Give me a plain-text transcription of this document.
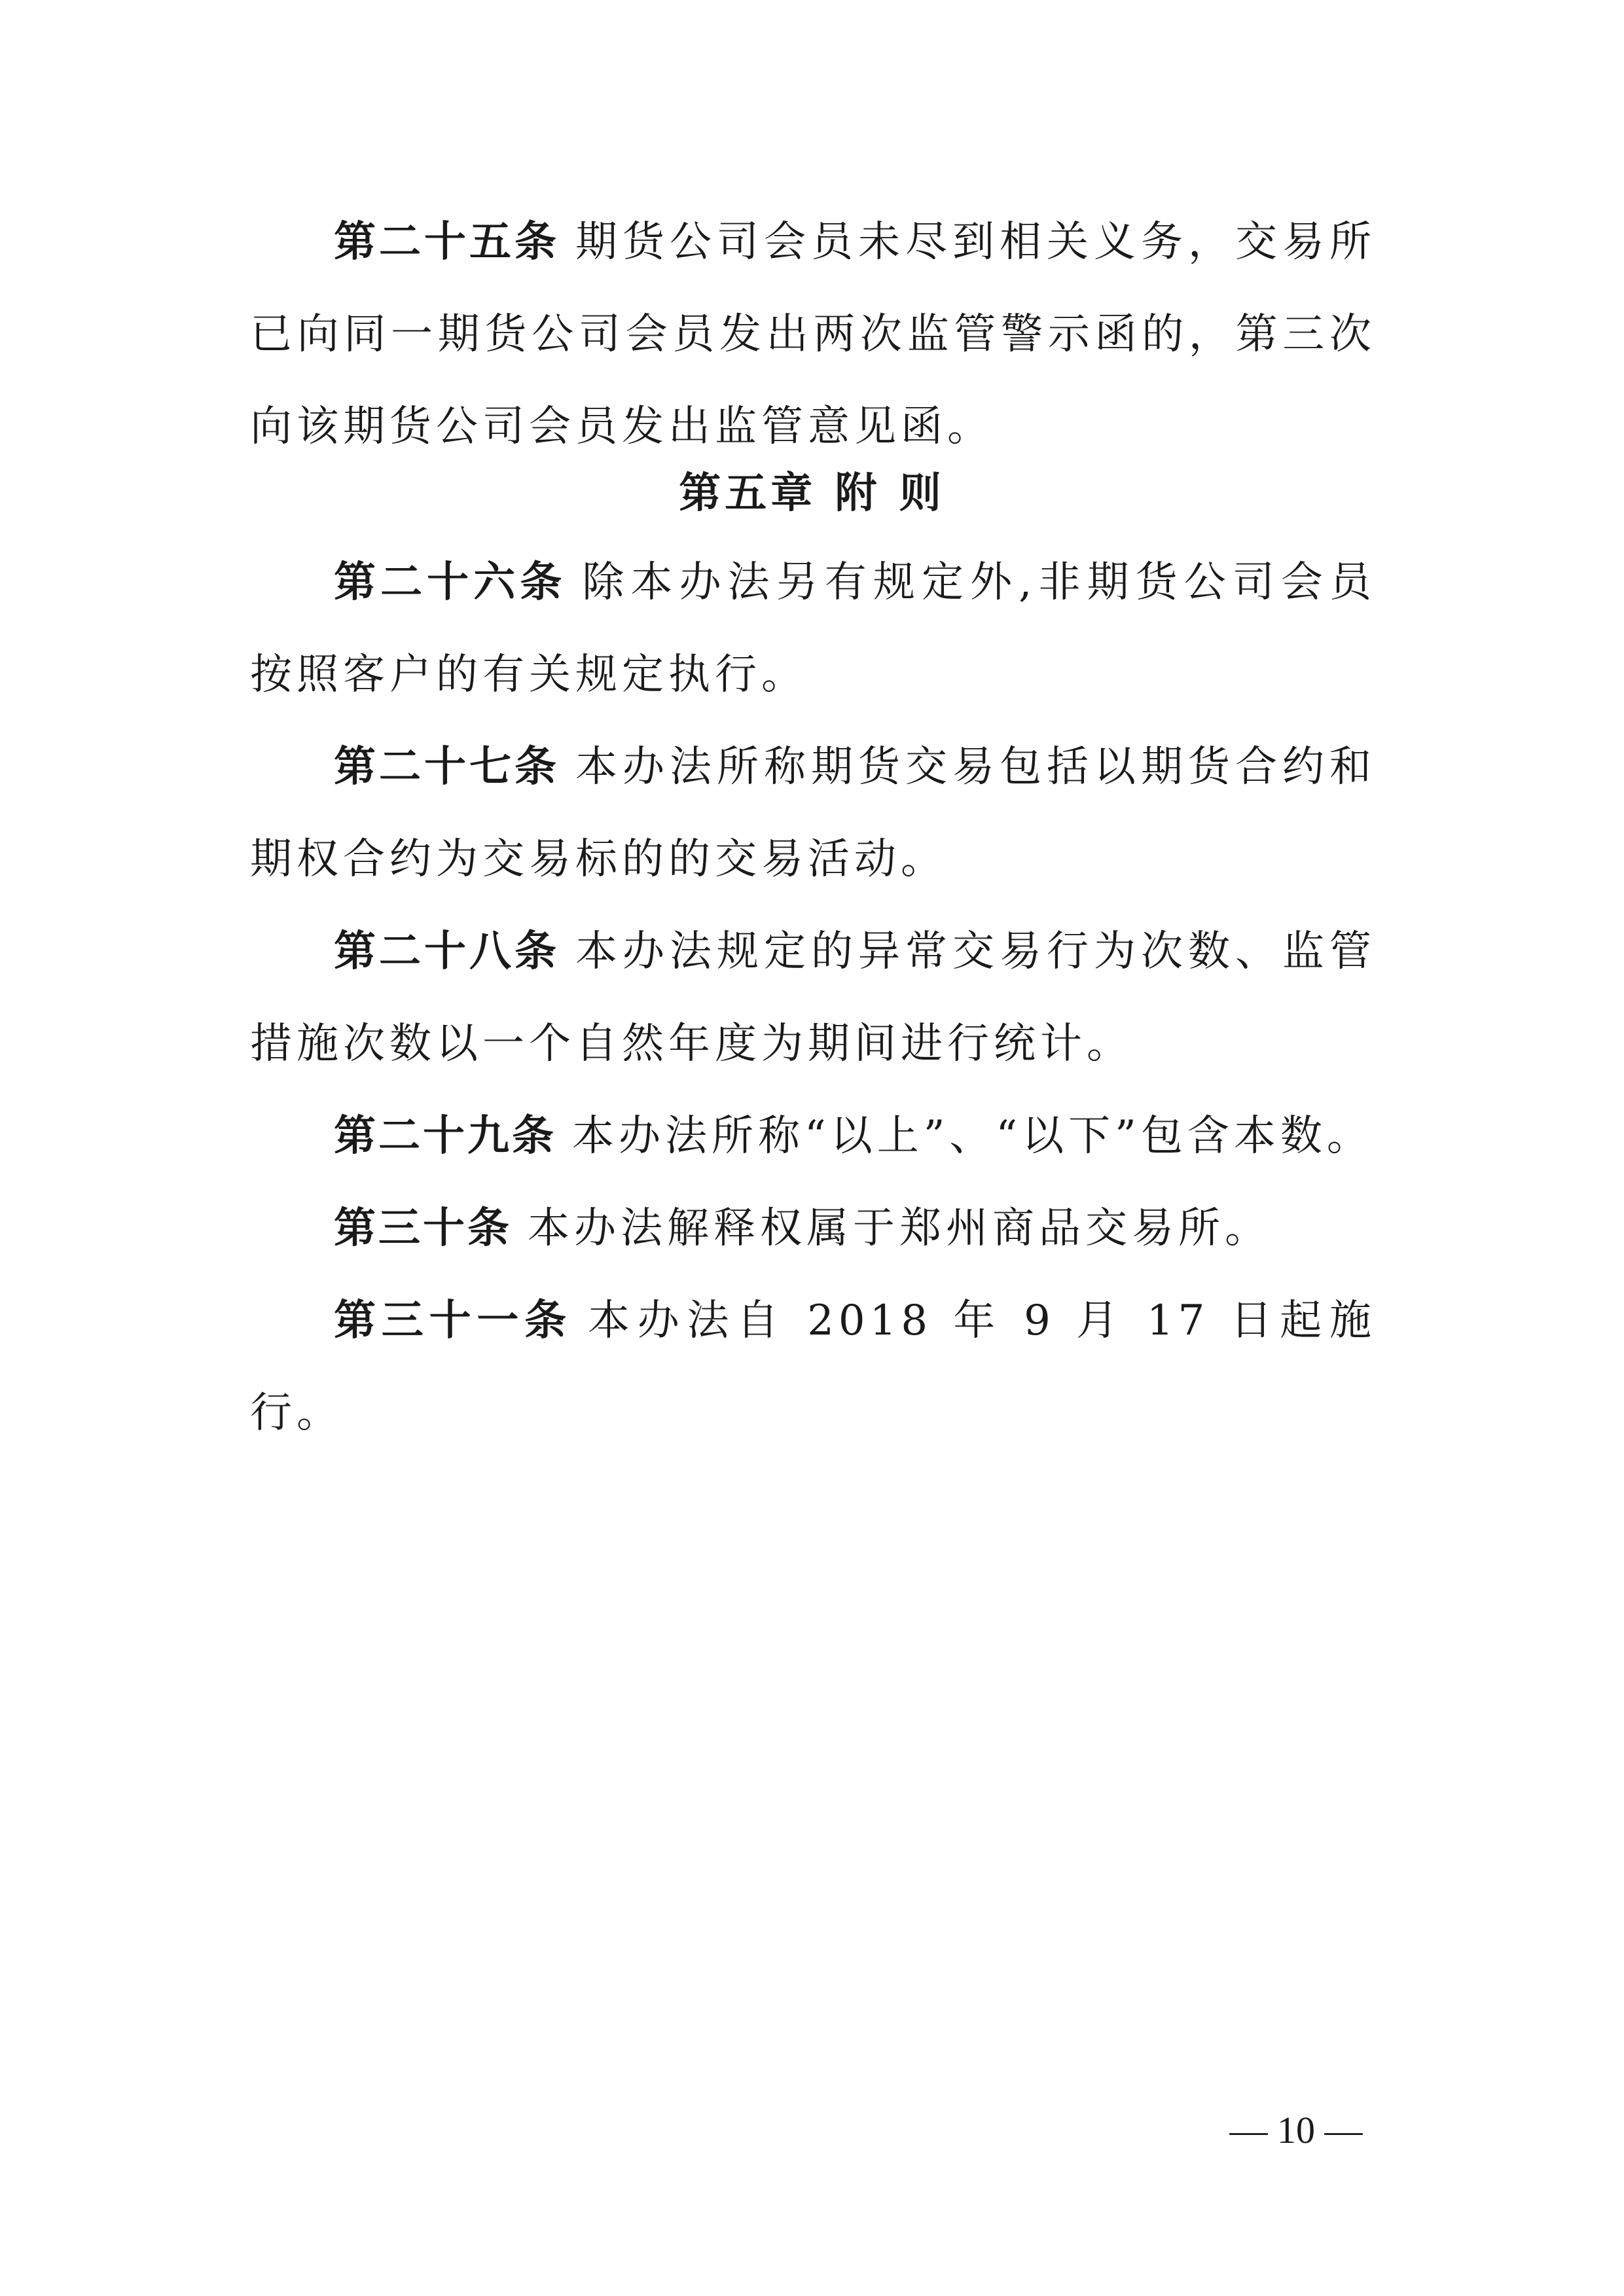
第二十五条 期货公司会员未尽到相关义务，交易所已向同一期货公司会员发出两次监管警示函的，第三次向该期货公司会员发出监管意见函。

第五章 附 则

第二十六条 除本办法另有规定外,非期货公司会员按照客户的有关规定执行。

第二十七条 本办法所称期货交易包括以期货合约和期权合约为交易标的的交易活动。

第二十八条 本办法规定的异常交易行为次数、监管措施次数以一个自然年度为期间进行统计。

第二十九条 本办法所称“以上”、“以下”包含本数。

第三十条 本办法解释权属于郑州商品交易所。

第三十一条 本办法自 2018 年 9 月 17 日起施行。

— 10 —
